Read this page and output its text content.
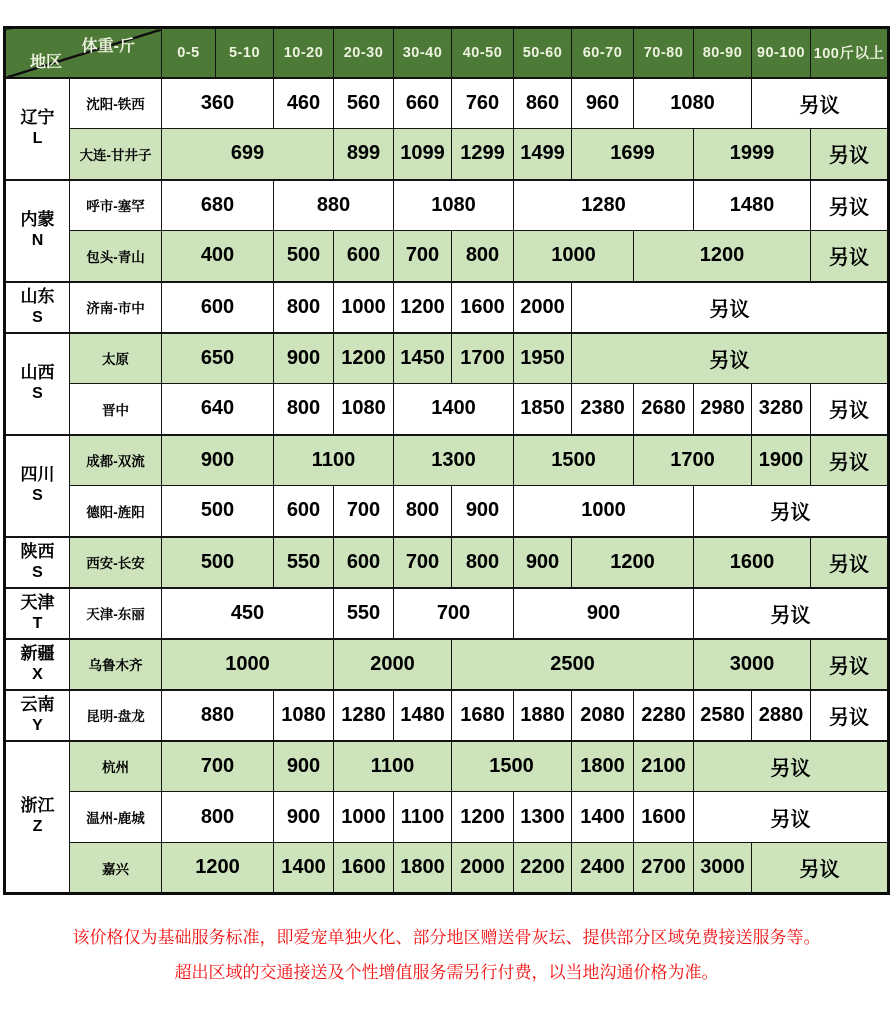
体重-斤
地区		0-5	5-10	10-20	20-30	30-40	40-50	50-60	60-70	70-80	80-90	90-100	100斤以上

辽宁
L	沈阳-铁西	360		460	560	660	760	860	960	1080		另议	
	大连-甘井子	699			899	1099	1299	1499	1699		1999		另议

内蒙
N	呼市-塞罕	680		880		1080		1280			1480		另议
	包头-青山	400		500	600	700	800	1000		1200			另议

山东
S	济南-市中	600		800	1000	1200	1600	2000	另议				

山西
S	太原	650		900	1200	1450	1700	1950	另议				
	晋中	640		800	1080	1400		1850	2380	2680	2980	3280	另议

四川
S	成都-双流	900		1100		1300		1500		1700		1900	另议
	德阳-旌阳	500		600	700	800	900	1000			另议		

陕西
S	西安-长安	500		550	600	700	800	900	1200		1600		另议

天津
T	天津-东丽	450			550	700		900			另议		

新疆
X	乌鲁木齐	1000			2000		2500				3000		另议

云南
Y	昆明-盘龙	880		1080	1280	1480	1680	1880	2080	2280	2580	2880	另议

浙江
Z	杭州	700		900	1100		1500		1800	2100	另议		
	温州-鹿城	800		900	1000	1100	1200	1300	1400	1600	另议		
	嘉兴	1200		1400	1600	1800	2000	2200	2400	2700	3000	另议	
该价格仅为基础服务标准，即爱宠单独火化、部分地区赠送骨灰坛、提供部分区域免费接送服务等。
超出区域的交通接送及个性增值服务需另行付费，以当地沟通价格为准。
